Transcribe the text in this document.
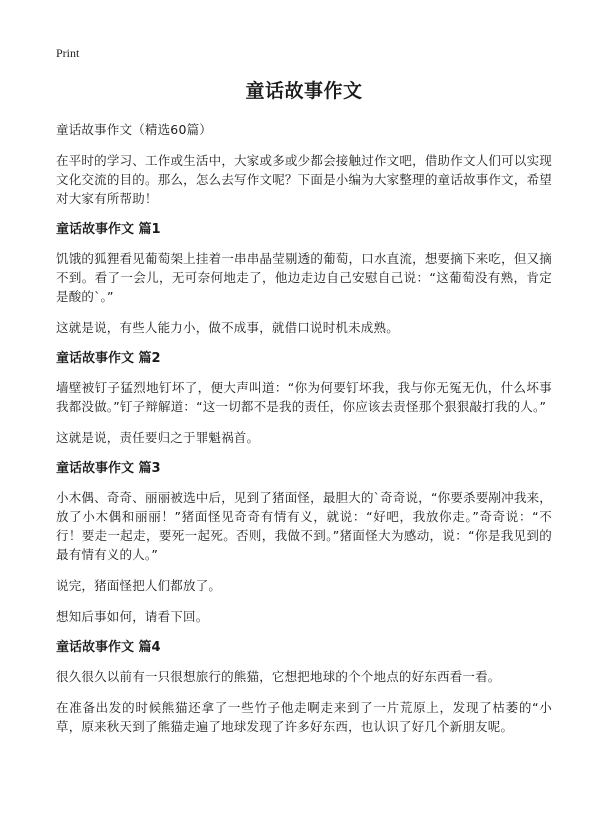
Print
童话故事作文

童话故事作文（精选60篇）

在平时的学习、工作或生活中，大家或多或少都会接触过作文吧，借助作文人们可以实现文化交流的目的。那么，怎么去写作文呢？下面是小编为大家整理的童话故事作文，希望对大家有所帮助！

童话故事作文 篇1

饥饿的狐狸看见葡萄架上挂着一串串晶莹剔透的葡萄，口水直流，想要摘下来吃，但又摘不到。看了一会儿，无可奈何地走了，他边走边自己安慰自己说：“这葡萄没有熟，肯定是酸的`。”

这就是说，有些人能力小，做不成事，就借口说时机未成熟。

童话故事作文 篇2

墙壁被钉子猛烈地钉坏了，便大声叫道：“你为何要钉坏我，我与你无冤无仇，什么坏事我都没做。”钉子辩解道：“这一切都不是我的责任，你应该去责怪那个狠狠敲打我的人。”

这就是说，责任要归之于罪魁祸首。

童话故事作文 篇3

小木偶、奇奇、丽丽被选中后，见到了猪面怪，最胆大的`奇奇说，“你要杀要剐冲我来，放了小木偶和丽丽！”猪面怪见奇奇有情有义，就说：“好吧，我放你走。”奇奇说：“不行！要走一起走，要死一起死。否则，我做不到。”猪面怪大为感动，说：“你是我见到的最有情有义的人。”

说完，猪面怪把人们都放了。

想知后事如何，请看下回。

童话故事作文 篇4

很久很久以前有一只很想旅行的熊猫，它想把地球的个个地点的好东西看一看。

在准备出发的时候熊猫还拿了一些竹子他走啊走来到了一片荒原上，发现了枯萎的“小草，原来秋天到了熊猫走遍了地球发现了许多好东西，也认识了好几个新朋友呢。
